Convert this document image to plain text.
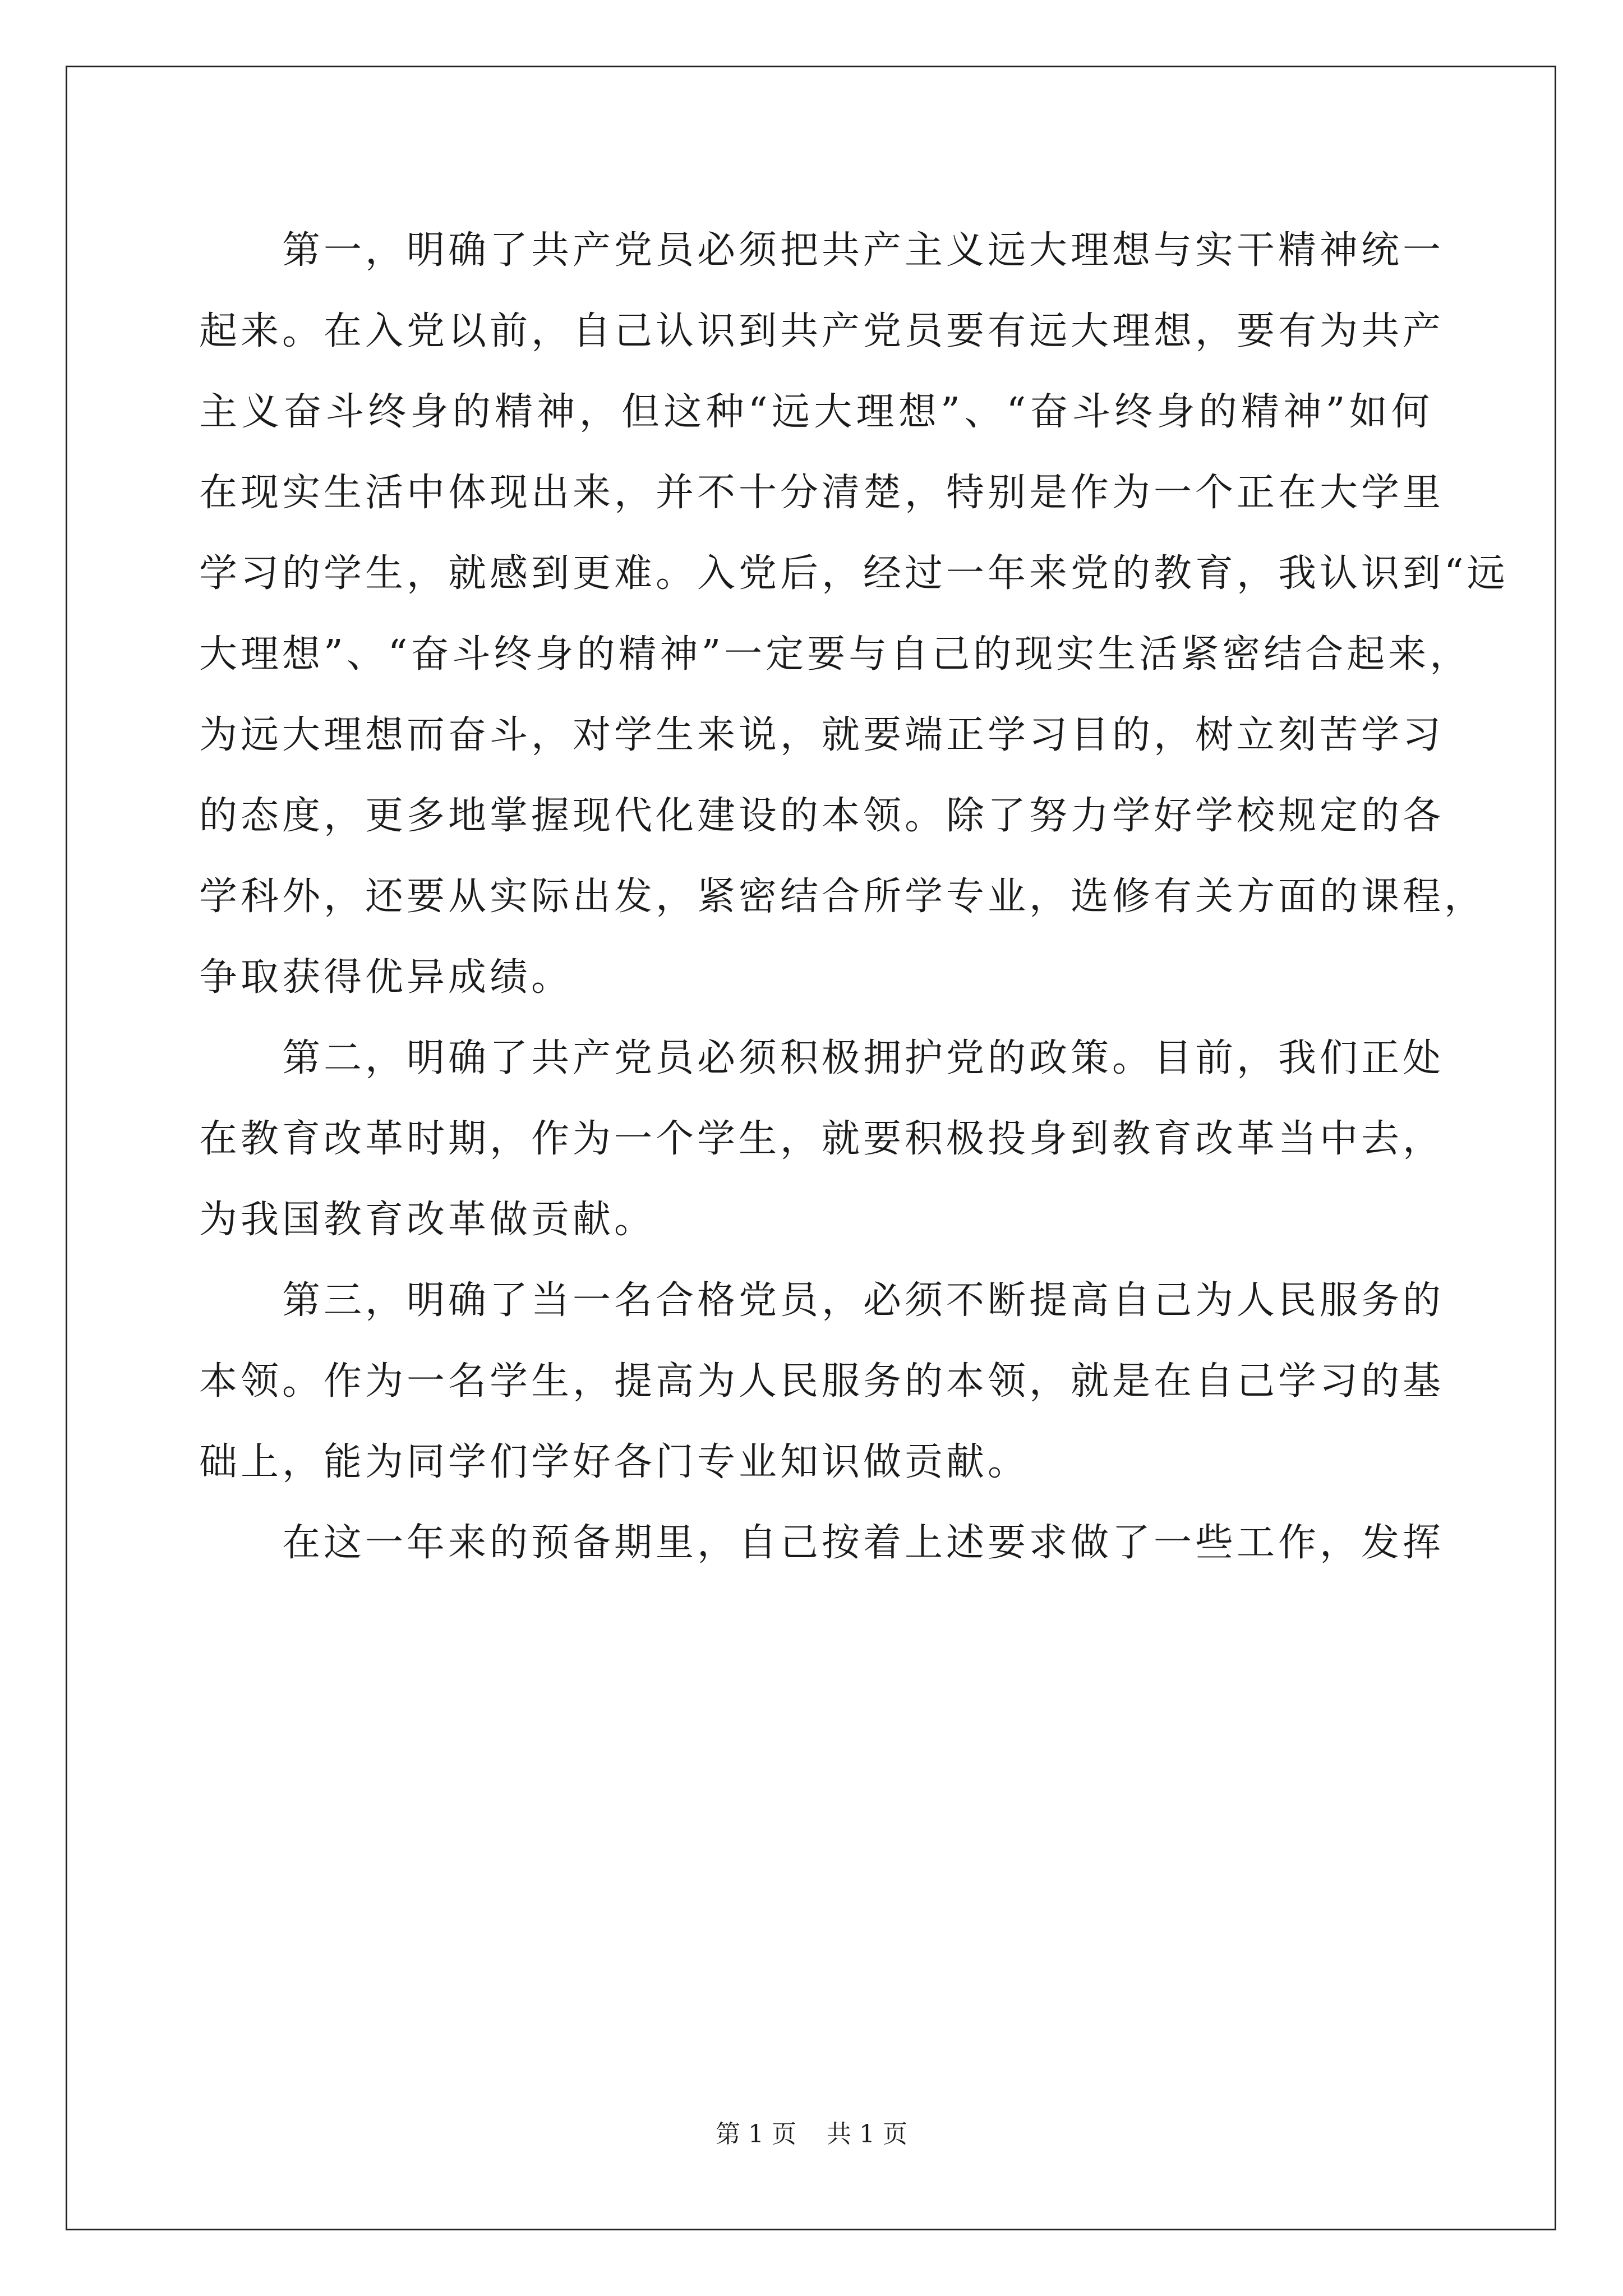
第一，明确了共产党员必须把共产主义远大理想与实干精神统一
起来。在入党以前，自己认识到共产党员要有远大理想，要有为共产
主义奋斗终身的精神，但这种“远大理想”、“奋斗终身的精神”如何
在现实生活中体现出来，并不十分清楚，特别是作为一个正在大学里
学习的学生，就感到更难。入党后，经过一年来党的教育，我认识到“远
大理想”、“奋斗终身的精神”一定要与自己的现实生活紧密结合起来，
为远大理想而奋斗，对学生来说，就要端正学习目的，树立刻苦学习
的态度，更多地掌握现代化建设的本领。除了努力学好学校规定的各
学科外，还要从实际出发，紧密结合所学专业，选修有关方面的课程，
争取获得优异成绩。

第二，明确了共产党员必须积极拥护党的政策。目前，我们正处
在教育改革时期，作为一个学生，就要积极投身到教育改革当中去，
为我国教育改革做贡献。

第三，明确了当一名合格党员，必须不断提高自己为人民服务的
本领。作为一名学生，提高为人民服务的本领，就是在自己学习的基
础上，能为同学们学好各门专业知识做贡献。

在这一年来的预备期里，自己按着上述要求做了一些工作，发挥

第 1 页 共 1 页
